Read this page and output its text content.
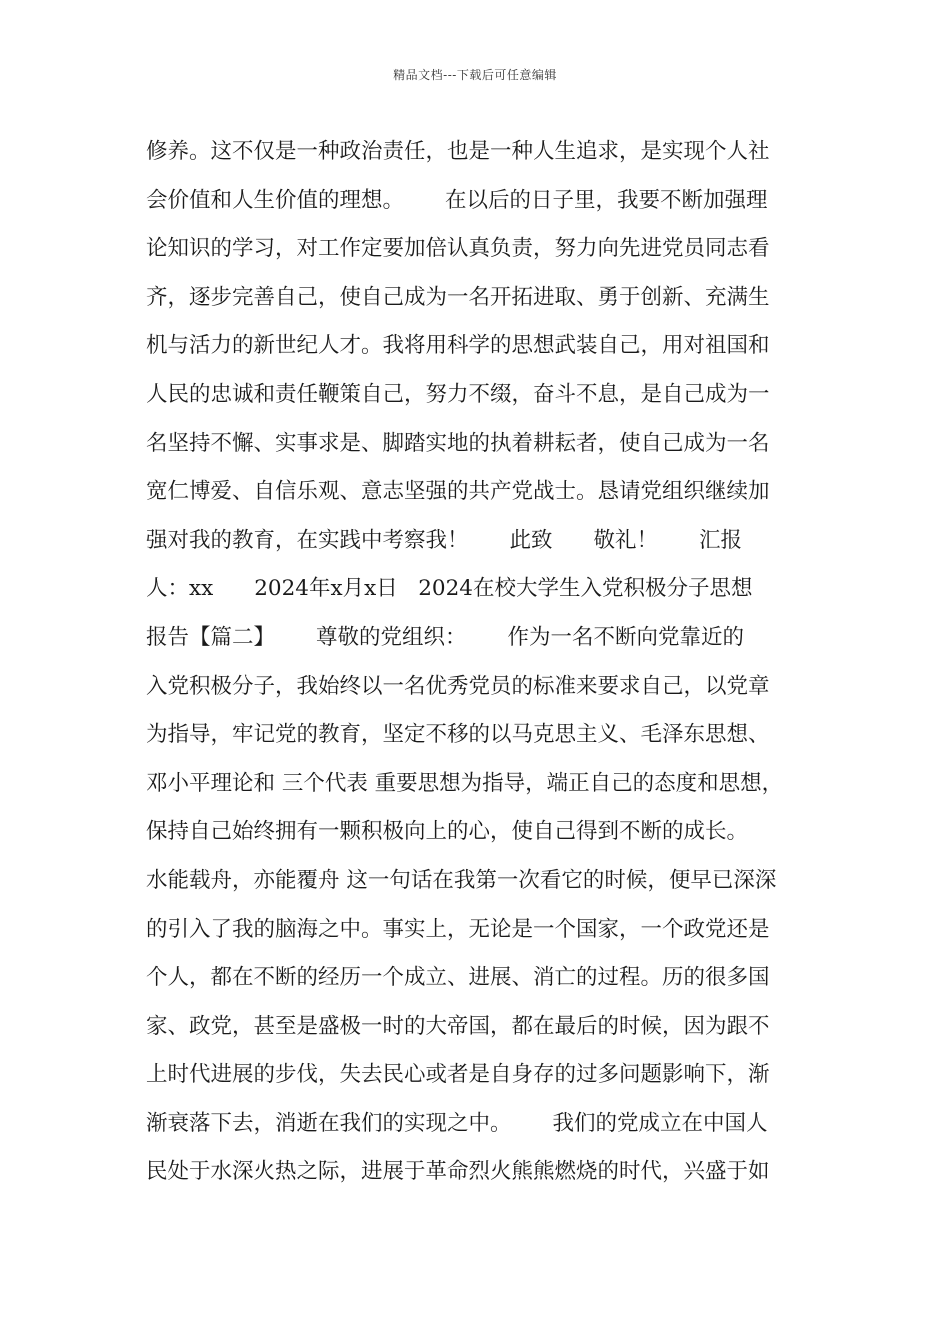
精品文档---下载后可任意编辑
修养。这不仅是一种政治责任，也是一种人生追求，是实现个人社
会价值和人生价值的理想。      在以后的日子里，我要不断加强理
论知识的学习，对工作定要加倍认真负责，努力向先进党员同志看
齐，逐步完善自己，使自己成为一名开拓进取、勇于创新、充满生
机与活力的新世纪人才。我将用科学的思想武装自己，用对祖国和
人民的忠诚和责任鞭策自己，努力不缀，奋斗不息，是自己成为一
名坚持不懈、实事求是、脚踏实地的执着耕耘者，使自己成为一名
宽仁博爱、自信乐观、意志坚强的共产党战士。恳请党组织继续加
强对我的教育，在实践中考察我！      此致      敬礼！      汇报
人：xx      2024年x月x日   2024在校大学生入党积极分子思想
报告【篇二】      尊敬的党组织：      作为一名不断向党靠近的
入党积极分子，我始终以一名优秀党员的标准来要求自己，以党章
为指导，牢记党的教育，坚定不移的以马克思主义、毛泽东思想、
邓小平理论和 三个代表 重要思想为指导，端正自己的态度和思想，
保持自己始终拥有一颗积极向上的心，使自己得到不断的成长。
水能载舟，亦能覆舟 这一句话在我第一次看它的时候，便早已深深
的引入了我的脑海之中。事实上，无论是一个国家，一个政党还是
个人，都在不断的经历一个成立、进展、消亡的过程。历的很多国
家、政党，甚至是盛极一时的大帝国，都在最后的时候，因为跟不
上时代进展的步伐，失去民心或者是自身存的过多问题影响下，渐
渐衰落下去，消逝在我们的实现之中。      我们的党成立在中国人
民处于水深火热之际，进展于革命烈火熊熊燃烧的时代，兴盛于如
